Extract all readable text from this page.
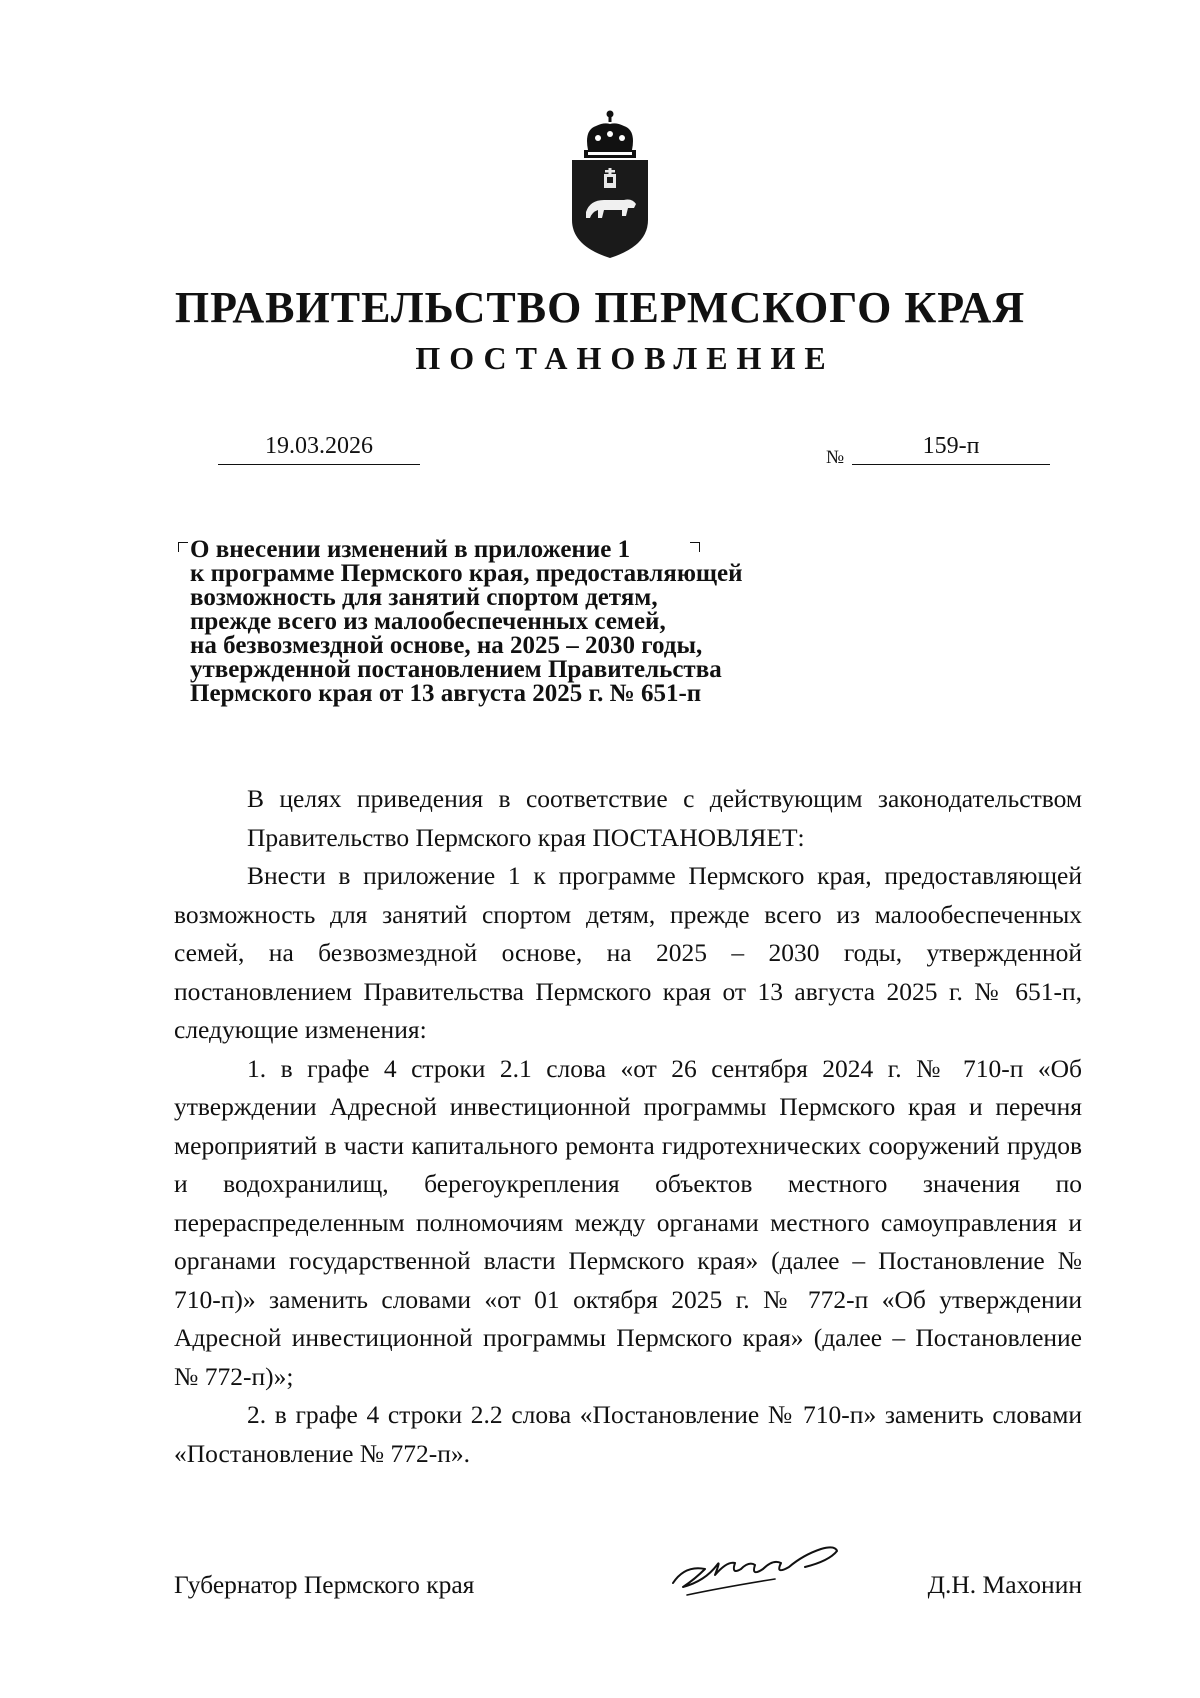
ПРАВИТЕЛЬСТВО ПЕРМСКОГО КРАЯ
ПОСТАНОВЛЕНИЕ
19.03.2026	№	159-п
О внесении изменений в приложение 1
к программе Пермского края, предоставляющей
возможность для занятий спортом детям,
прежде всего из малообеспеченных семей,
на безвозмездной основе, на 2025 – 2030 годы,
утвержденной постановлением Правительства
Пермского края от 13 августа 2025 г. № 651-п

В целях приведения в соответствие с действующим законодательством

Правительство Пермского края ПОСТАНОВЛЯЕТ:

Внести в приложение 1 к программе Пермского края, предоставляющей возможность для занятий спортом детям, прежде всего из малообеспеченных семей, на безвозмездной основе, на 2025 – 2030 годы, утвержденной постановлением Правительства Пермского края от 13 августа 2025 г. № 651-п, следующие изменения:

1. в графе 4 строки 2.1 слова «от 26 сентября 2024 г. № 710-п «Об утверждении Адресной инвестиционной программы Пермского края и перечня мероприятий в части капитального ремонта гидротехнических сооружений прудов и водохранилищ, берегоукрепления объектов местного значения по перераспределенным полномочиям между органами местного самоуправления и органами государственной власти Пермского края» (далее – Постановление № 710-п)» заменить словами «от 01 октября 2025 г. № 772-п «Об утверждении Адресной инвестиционной программы Пермского края» (далее – Постановление № 772-п)»;

2. в графе 4 строки 2.2 слова «Постановление № 710-п» заменить словами «Постановление № 772-п».

Губернатор Пермского края	Д.Н. Махонин
